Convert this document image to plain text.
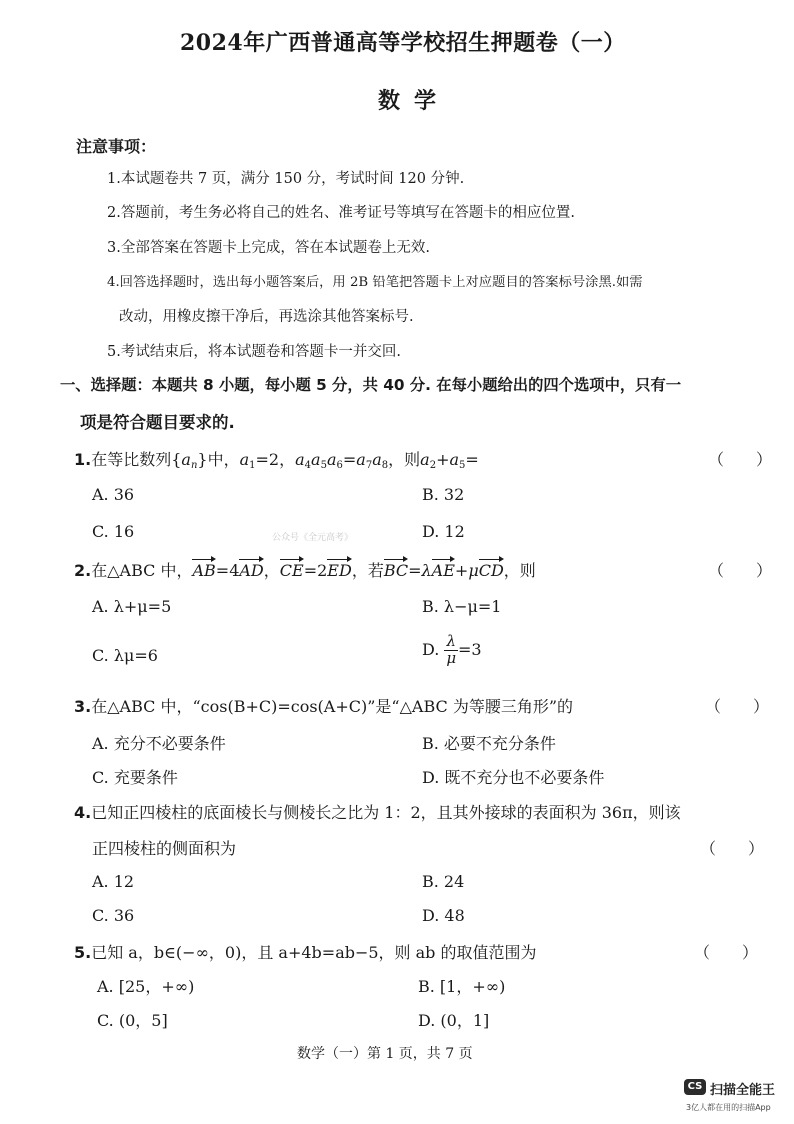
2024年广西普通高等学校招生押题卷（一）
数学
注意事项：
1.本试题卷共 7 页，满分 150 分，考试时间 120 分钟.
2.答题前，考生务必将自己的姓名、准考证号等填写在答题卡的相应位置.
3.全部答案在答题卡上完成，答在本试题卷上无效.
4.回答选择题时，选出每小题答案后，用 2B 铅笔把答题卡上对应题目的答案标号涂黑.如需
改动，用橡皮擦干净后，再选涂其他答案标号.
5.考试结束后，将本试题卷和答题卡一并交回.
一、选择题：本题共 8 小题，每小题 5 分，共 40 分. 在每小题给出的四个选项中，只有一
项是符合题目要求的.
1.在等比数列$\{a_n\}$中，$a_1=2$，$a_4a_5a_6=a_7a_8$，则$a_2+a_5=$	（　　）
A. 36	B. 32
C. 16	D. 12
公众号《全元高考》
2.在△ABC 中，AB=4AD，CE=2ED，若BC=λAE+μCD，则	（　　）
A. λ+μ=5	B. λ−μ=1
C. λμ=6	D. $\frac{\lambda}{\mu} =3$
3.在△ABC 中，“cos(B+C)=cos(A+C)”是“△ABC 为等腰三角形”的	（　　）
A. 充分不必要条件	B. 必要不充分条件
C. 充要条件	D. 既不充分也不必要条件
4.已知正四棱柱的底面棱长与侧棱长之比为 1：2，且其外接球的表面积为 36π，则该
正四棱柱的侧面积为	（　　）
A. 12	B. 24
C. 36	D. 48
5.已知 a，b∈(−∞，0)，且 a+4b=ab−5，则 ab 的取值范围为	（　　）
A. [25，+∞)	B. [1，+∞)
C. (0，5]	D. (0，1]
数学（一）第 1 页，共 7 页
CS 扫描全能王
3亿人都在用的扫描App
